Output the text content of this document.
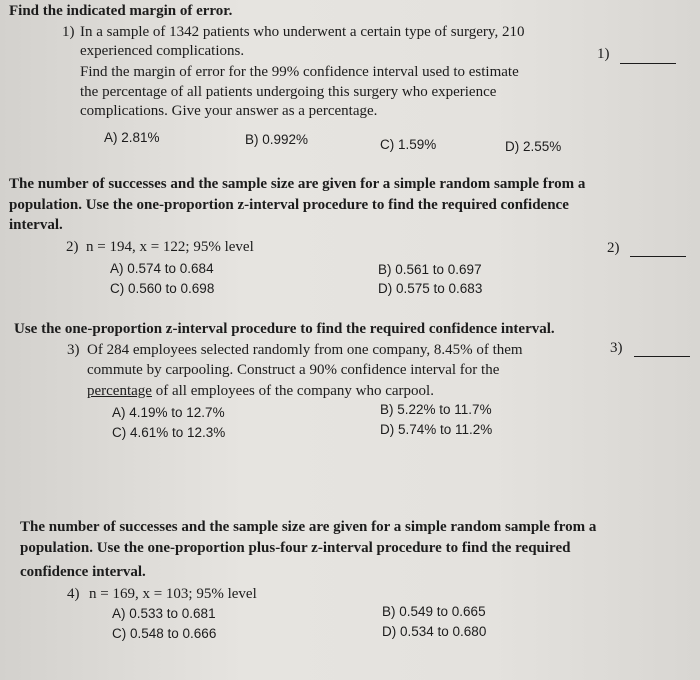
Find the indicated margin of error.
1) In a sample of 1342 patients who underwent a certain type of surgery, 210
experienced complications.
Find the margin of error for the 99% confidence interval used to estimate
the percentage of all patients undergoing this surgery who experience
complications. Give your answer as a percentage.
1)
A) 2.81%	B) 0.992%	C) 1.59%	D) 2.55%
The number of successes and the sample size are given for a simple random sample from a
population. Use the one-proportion z-interval procedure to find the required confidence
interval.
2) n = 194, x = 122; 95% level	2)
A) 0.574 to 0.684	B) 0.561 to 0.697
C) 0.560 to 0.698	D) 0.575 to 0.683
Use the one-proportion z-interval procedure to find the required confidence interval.
3) Of 284 employees selected randomly from one company, 8.45% of them
commute by carpooling. Construct a 90% confidence interval for the
percentage of all employees of the company who carpool.
3)
A) 4.19% to 12.7%	B) 5.22% to 11.7%
C) 4.61% to 12.3%	D) 5.74% to 11.2%
The number of successes and the sample size are given for a simple random sample from a
population. Use the one-proportion plus-four z-interval procedure to find the required
confidence interval.
4) n = 169, x = 103; 95% level
A) 0.533 to 0.681	B) 0.549 to 0.665
C) 0.548 to 0.666	D) 0.534 to 0.680
